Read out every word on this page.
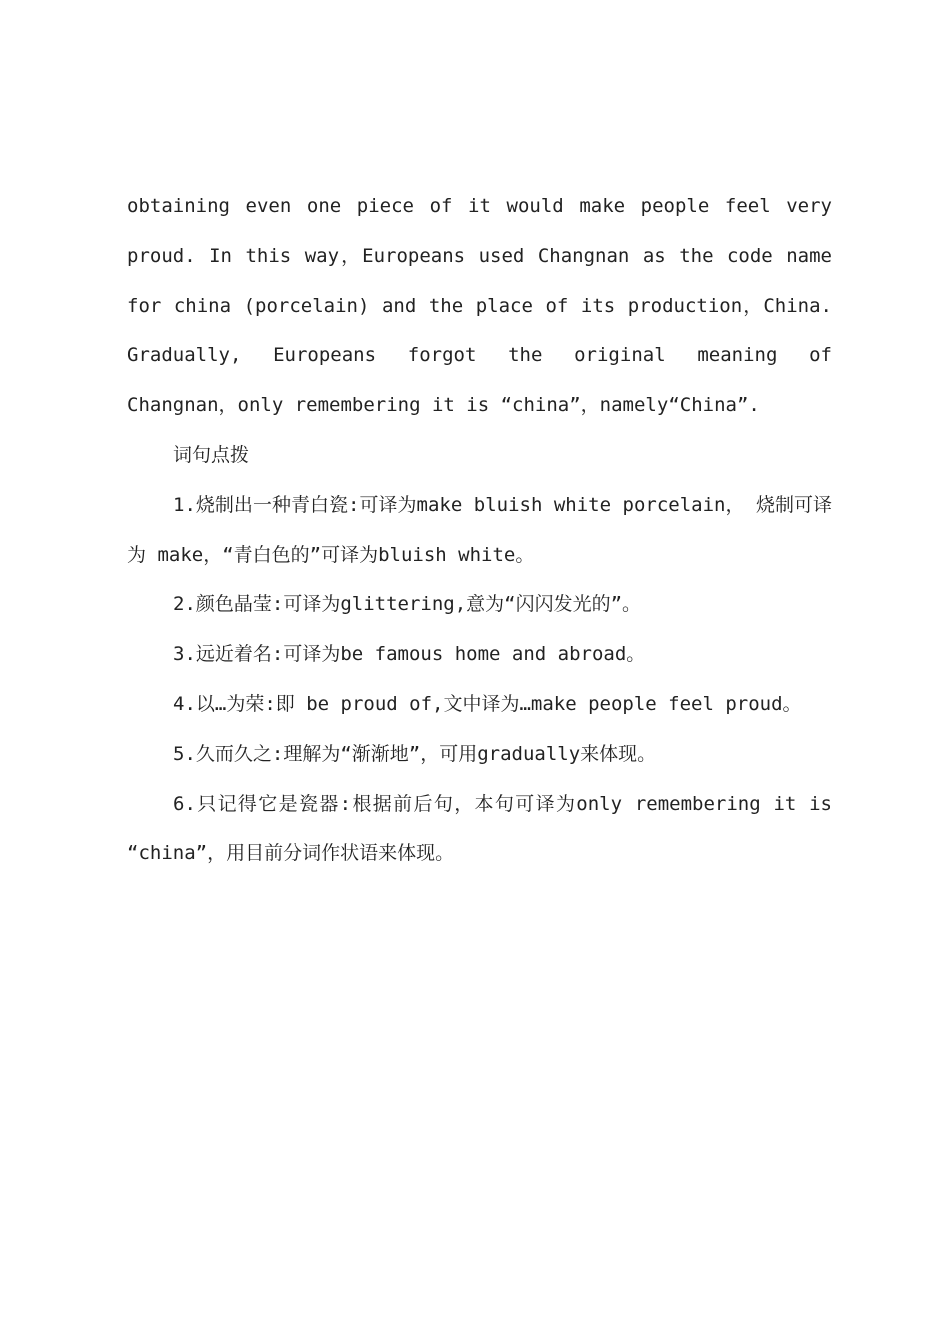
obtaining even one piece of it would make people feel very proud. In this way，Europeans used Changnan as the code name for china (porcelain) and the place of its production，China. Gradually, Europeans forgot the original meaning of Changnan，only remembering it is “china”，namely“China”.

词句点拨

1.烧制出一种青白瓷:可译为make bluish white porcelain， 烧制可译为 make，“青白色的”可译为bluish white。

2.颜色晶莹:可译为glittering,意为“闪闪发光的”。

3.远近着名:可译为be famous home and abroad。

4.以…为荣:即 be proud of,文中译为…make people feel proud。

5.久而久之:理解为“渐渐地”，可用gradually来体现。

6.只记得它是瓷器:根据前后句，本句可译为only remembering it is “china”，用目前分词作状语来体现。
